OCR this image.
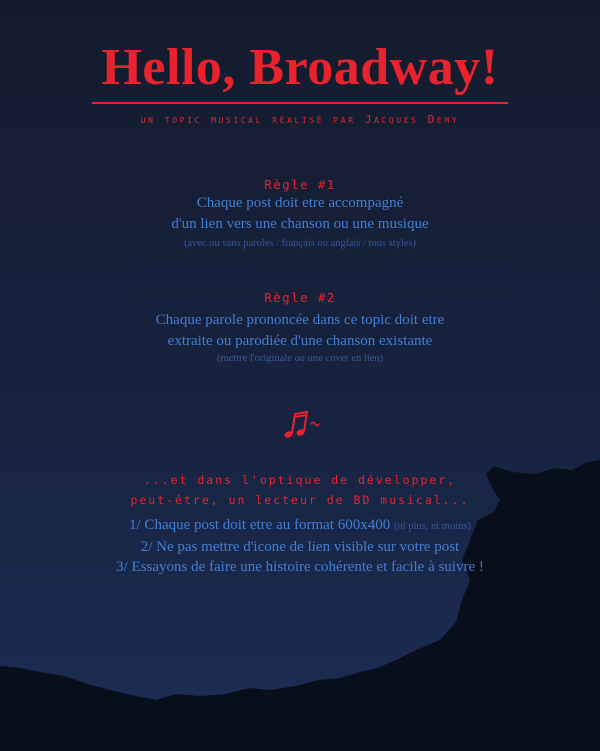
Hello, Broadway!
un topic musical réalisé par Jacques Demy
Règle #1
Chaque post doit etre accompagné
d'un lien vers une chanson ou une musique
(avec ou sans paroles / français ou anglais / tous styles)
Règle #2
Chaque parole prononcée dans ce topic doit etre
extraite ou parodiée d'une chanson existante
(mettre l'originale ou une cover en lien)
...et dans l'optique de développer,
peut-être, un lecteur de BD musical...
1/ Chaque post doit etre au format 600x400 (ni plus, ni moins)
2/ Ne pas mettre d'icone de lien visible sur votre post
3/ Essayons de faire une histoire cohérente et facile à suivre !
